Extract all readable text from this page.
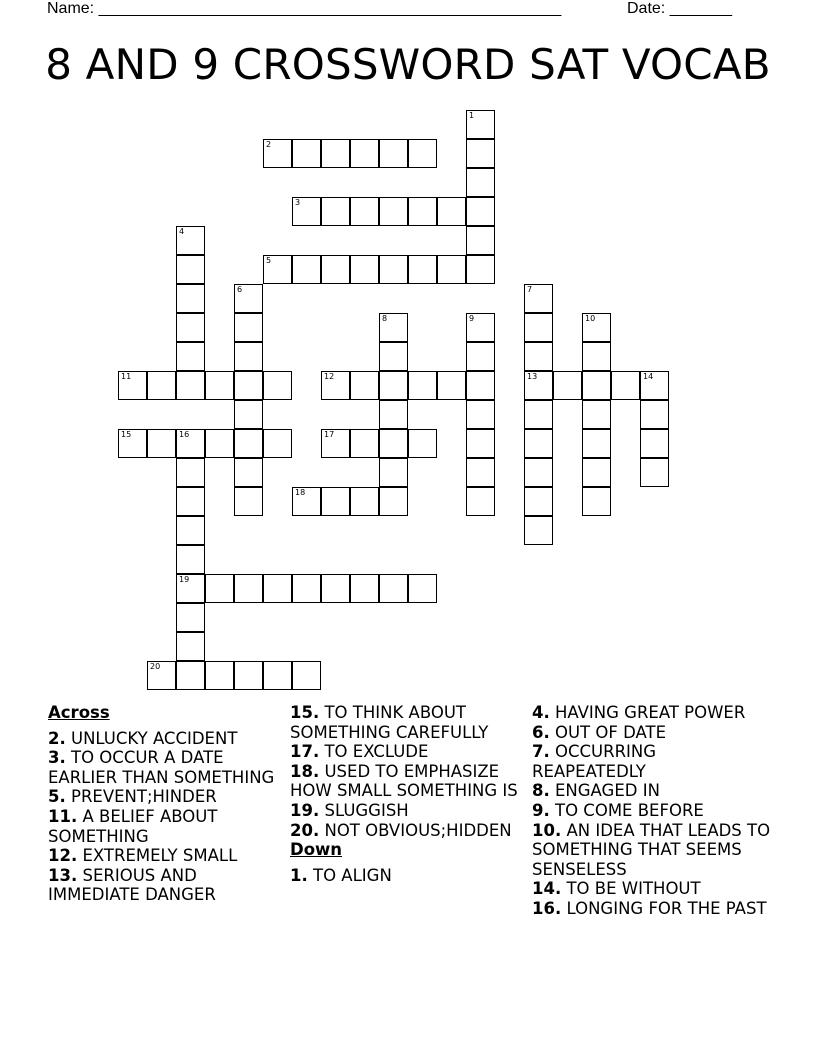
Name: ____________________________________________________	Date: _______
8 AND 9 CROSSWORD SAT VOCAB
1
2
3
4
5
6	7
13
8	9	10
11	12	14
15	16
19
17
18
20

Across

2. UNLUCKY ACCIDENT

3. TO OCCUR A DATE EARLIER THAN SOMETHING

5. PREVENT;HINDER

11. A BELIEF ABOUT SOMETHING

12. EXTREMELY SMALL

13. SERIOUS AND IMMEDIATE DANGER

15. TO THINK ABOUT SOMETHING CAREFULLY

17. TO EXCLUDE

18. USED TO EMPHASIZE HOW SMALL SOMETHING IS

19. SLUGGISH

20. NOT OBVIOUS;HIDDEN

Down

1. TO ALIGN

4. HAVING GREAT POWER

6. OUT OF DATE

7. OCCURRING REAPEATEDLY

8. ENGAGED IN

9. TO COME BEFORE

10. AN IDEA THAT LEADS TO SOMETHING THAT SEEMS SENSELESS

14. TO BE WITHOUT

16. LONGING FOR THE PAST
